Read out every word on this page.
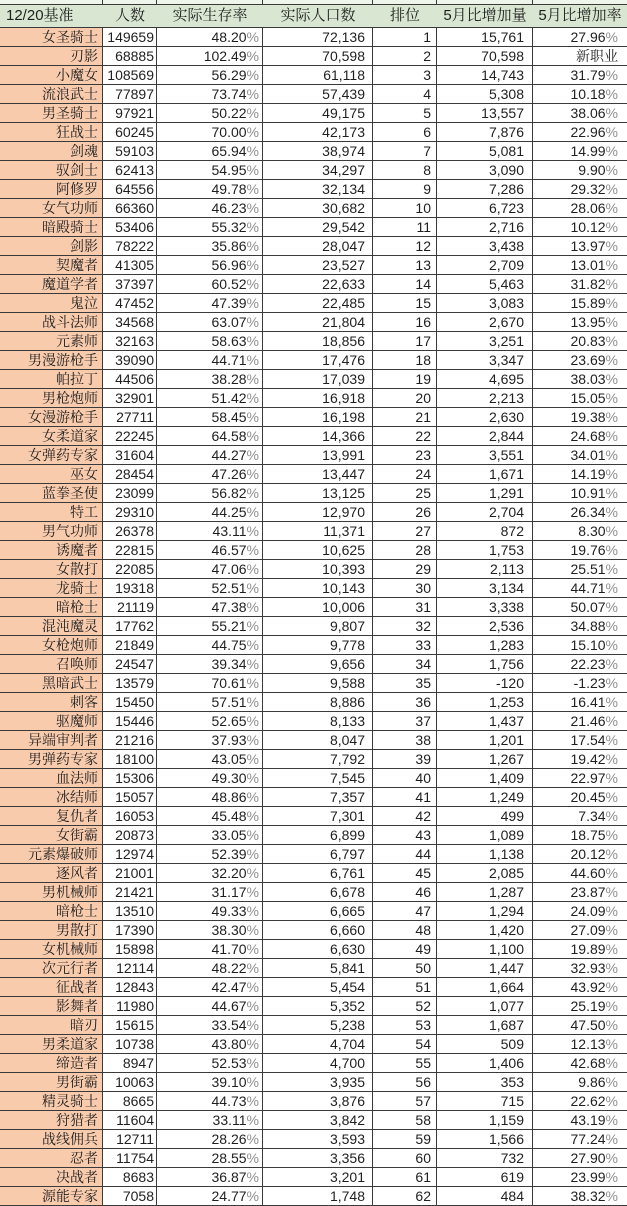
12/20基准	人数	实际生存率	实际人口数	排位	5月比增加量 5月比增加率
女圣骑士 149659	48.20%	72,136	1	15,761	27.96%
刃影	68885	102.49%	70,598	2	70,598	新职业
小魔女 108569	56.29%	61,118	3	14,743	31.79%
流浪武士	77897	73.74%	57,439	4	5,308	10.18%
男圣骑士	97921	50.22%	49,175	5	13,557	38.06%
狂战士	60245	70.00%	42,173	6	7,876	22.96%
剑魂	59103	65.94%	38,974	7	5,081	14.99%
驭剑士	62413	54.95%	34,297	8	3,090	9.90%
阿修罗	64556	49.78%	32,134	9	7,286	29.32%
女气功师	66360	46.23%	30,682	10	6,723	28.06%
暗殿骑士	53406	55.32%	29,542	11	2,716	10.12%
剑影	78222	35.86%	28,047	12	3,438	13.97%
契魔者	41305	56.96%	23,527	13	2,709	13.01%
魔道学者	37397	60.52%	22,633	14	5,463	31.82%
鬼泣	47452	47.39%	22,485	15	3,083	15.89%
战斗法师	34568	63.07%	21,804	16	2,670	13.95%
元素师	32163	58.63%	18,856	17	3,251	20.83%
男漫游枪手	39090	44.71%	17,476	18	3,347	23.69%
帕拉丁	44506	38.28%	17,039	19	4,695	38.03%
男枪炮师	32901	51.42%	16,918	20	2,213	15.05%
女漫游枪手	27711	58.45%	16,198	21	2,630	19.38%
女柔道家	22245	64.58%	14,366	22	2,844	24.68%
女弹药专家	31604	44.27%	13,991	23	3,551	34.01%
巫女	28454	47.26%	13,447	24	1,671	14.19%
蓝拳圣使	23099	56.82%	13,125	25	1,291	10.91%
特工	29310	44.25%	12,970	26	2,704	26.34%
男气功师	26378	43.11%	11,371	27	872	8.30%
诱魔者	22815	46.57%	10,625	28	1,753	19.76%
女散打	22085	47.06%	10,393	29	2,113	25.51%
龙骑士	19318	52.51%	10,143	30	3,134	44.71%
暗枪士	21119	47.38%	10,006	31	3,338	50.07%
混沌魔灵	17762	55.21%	9,807	32	2,536	34.88%
女枪炮师	21849	44.75%	9,778	33	1,283	15.10%
召唤师	24547	39.34%	9,656	34	1,756	22.23%
黑暗武士	13579	70.61%	9,588	35	-120	-1.23%
刺客	15450	57.51%	8,886	36	1,253	16.41%
驱魔师	15446	52.65%	8,133	37	1,437	21.46%
异端审判者	21216	37.93%	8,047	38	1,201	17.54%
男弹药专家	18100	43.05%	7,792	39	1,267	19.42%
血法师	15306	49.30%	7,545	40	1,409	22.97%
冰结师	15057	48.86%	7,357	41	1,249	20.45%
复仇者	16053	45.48%	7,301	42	499	7.34%
女街霸	20873	33.05%	6,899	43	1,089	18.75%
元素爆破师	12974	52.39%	6,797	44	1,138	20.12%
逐风者	21001	32.20%	6,761	45	2,085	44.60%
男机械师	21421	31.17%	6,678	46	1,287	23.87%
暗枪士	13510	49.33%	6,665	47	1,294	24.09%
男散打	17390	38.30%	6,660	48	1,420	27.09%
女机械师	15898	41.70%	6,630	49	1,100	19.89%
次元行者	12114	48.22%	5,841	50	1,447	32.93%
征战者	12843	42.47%	5,454	51	1,664	43.92%
影舞者	11980	44.67%	5,352	52	1,077	25.19%
暗刃	15615	33.54%	5,238	53	1,687	47.50%
男柔道家	10738	43.80%	4,704	54	509	12.13%
缔造者	8947	52.53%	4,700	55	1,406	42.68%
男街霸	10063	39.10%	3,935	56	353	9.86%
精灵骑士	8665	44.73%	3,876	57	715	22.62%
狩猎者	11604	33.11%	3,842	58	1,159	43.19%
战线佣兵	12711	28.26%	3,593	59	1,566	77.24%
忍者	11754	28.55%	3,356	60	732	27.90%
决战者	8683	36.87%	3,201	61	619	23.99%
源能专家	7058	24.77%	1,748	62	484	38.32%
